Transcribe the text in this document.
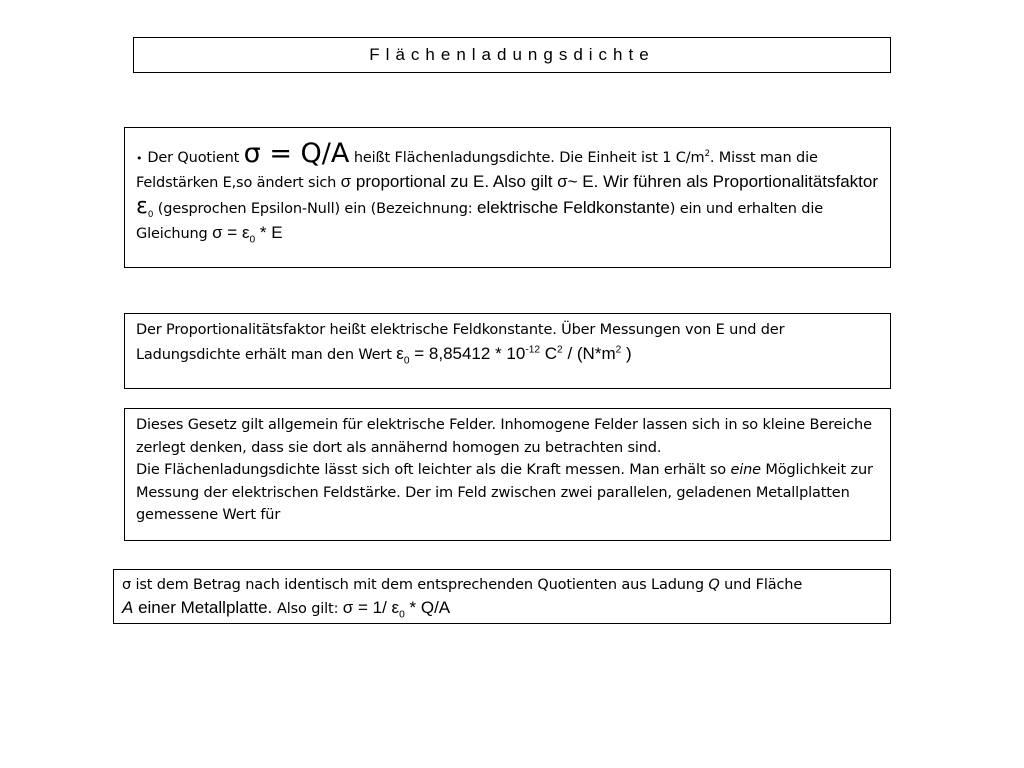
Flächenladungsdichte
• Der Quotient σ = Q/A heißt Flächenladungsdichte. Die Einheit ist 1 $C/m^2$. Misst man die Feldstärken E,so ändert sich σ proportional zu E. Also gilt σ~ E. Wir führen als Proportionalitätsfaktor $\varepsilon_0$ (gesprochen Epsilon-Null) ein (Bezeichnung: elektrische Feldkonstante) ein und erhalten die Gleichung $\sigma = \varepsilon_0 * E$
Der Proportionalitätsfaktor heißt elektrische Feldkonstante. Über Messungen von E und der Ladungsdichte erhält man den Wert $\varepsilon_0 = 8,85412 * 10^{-12}$ $C^2 / (N*m^2$ )
Dieses Gesetz gilt allgemein für elektrische Felder. Inhomogene Felder lassen sich in so kleine Bereiche zerlegt denken, dass sie dort als annähernd homogen zu betrachten sind.
Die Flächenladungsdichte lässt sich oft leichter als die Kraft messen. Man erhält so eine Möglichkeit zur Messung der elektrischen Feldstärke. Der im Feld zwischen zwei parallelen, geladenen Metallplatten gemessene Wert für
σ ist dem Betrag nach identisch mit dem entsprechenden Quotienten aus Ladung Q und Fläche
A einer Metallplatte. Also gilt: σ = 1/ $\varepsilon_0 * Q/A$
